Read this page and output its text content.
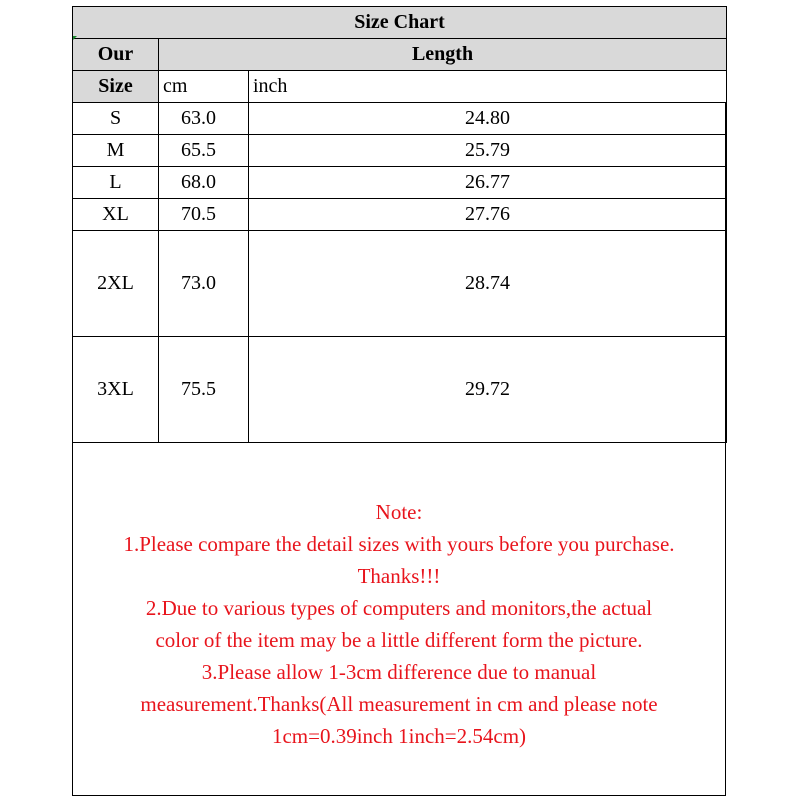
Size Chart		
Our	Length	
Size	cm	inch
S	63.0	24.80
M	65.5	25.79
L	68.0	26.77
XL	70.5	27.76
2XL	73.0	28.74
3XL	75.5	29.72
Note:
1.Please compare the detail sizes with yours before you purchase.
Thanks!!!
2.Due to various types of computers and monitors,the actual
color of the item may be a little different form the picture.
3.Please allow 1-3cm difference due to manual
measurement.Thanks(All measurement in cm and please note
1cm=0.39inch 1inch=2.54cm)
